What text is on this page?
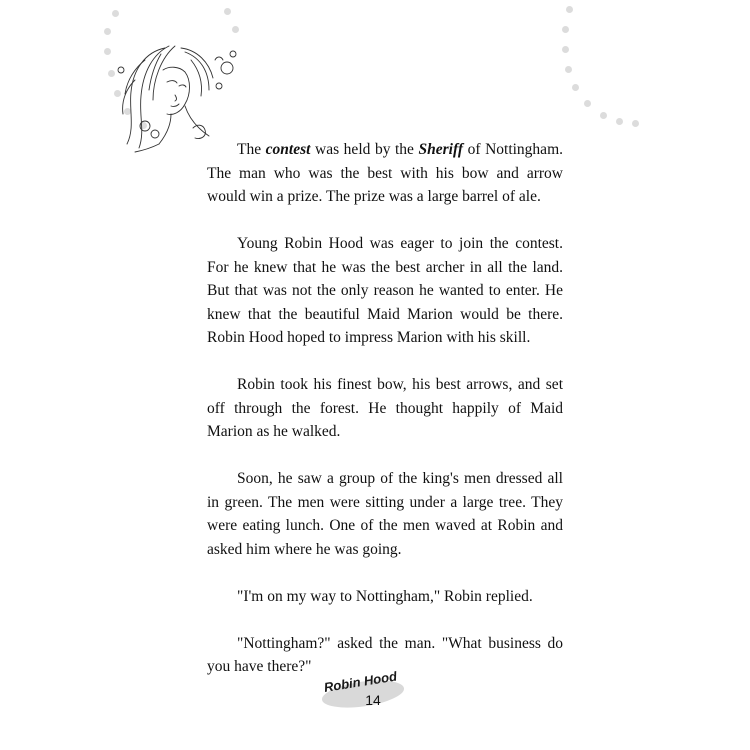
The contest was held by the Sheriff of Nottingham. The man who was the best with his bow and arrow would win a prize. The prize was a large barrel of ale.

Young Robin Hood was eager to join the contest. For he knew that he was the best archer in all the land. But that was not the only reason he wanted to enter. He knew that the beautiful Maid Marion would be there. Robin Hood hoped to impress Marion with his skill.

Robin took his finest bow, his best arrows, and set off through the forest. He thought happily of Maid Marion as he walked.

Soon, he saw a group of the king's men dressed all in green. The men were sitting under a large tree. They were eating lunch. One of the men waved at Robin and asked him where he was going.

"I'm on my way to Nottingham," Robin replied.

"Nottingham?" asked the man. "What business do you have there?"

Robin Hood
14
